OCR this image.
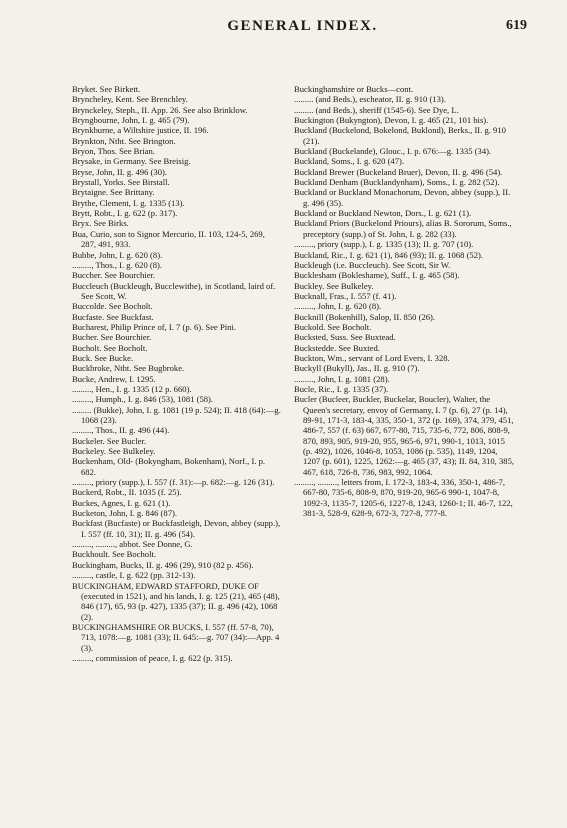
GENERAL INDEX.	619

Bryket. See Birkett.

Bryncheley, Kent. See Brenchley.

Brynckeley, Steph., II. App. 26. See also Brinklow.

Bryngbourne, John, I. g. 465 (79).

Brynkburne, a Wiltshire justice, II. 196.

Brynkton, Ntht. See Brington.

Bryon, Thos. See Brian.

Brysake, in Germany. See Breisig.

Bryse, John, II. g. 496 (30).

Brystall, Yorks. See Birstall.

Brytaigne. See Brittany.

Brythe, Clement, I. g. 1335 (13).

Brytt, Robt., I. g. 622 (p. 317).

Bryx. See Birks.

Bua, Curio, son to Signor Mercurio, II. 103, 124-5, 269, 287, 491, 933.

Bubbe, John, I. g. 620 (8).

........., Thos., I. g. 620 (8).

Buccher. See Bourchier.

Buccleuch (Buckleugh, Bucclewithe), in Scotland, laird of. See Scott, W.

Buccolde. See Bocholt.

Bucfaste. See Buckfast.

Bucharest, Philip Prince of, I. 7 (p. 6). See Pini.

Bucher. See Bourchier.

Bucholt. See Bocholt.

Buck. See Bucke.

Buckbroke, Ntht. See Bugbroke.

Bucke, Andrew, I. 1295.

........., Hen., I. g. 1335 (12 p. 660).

........., Humph., I. g. 846 (53), 1081 (58).

......... (Bukke), John, I. g. 1081 (19 p. 524); II. 418 (64):—g. 1068 (23).

........., Thos., II. g. 496 (44).

Buckeler. See Bucler.

Buckeley. See Bulkeley.

Buckenham, Old- (Bokyngham, Bokenham), Norf., I. p. 682.

........., priory (supp.), I. 557 (f. 31):—p. 682:—g. 126 (31).

Buckerd, Robt., II. 1035 (f. 25).

Buckes, Agnes, I. g. 621 (1).

Bucketon, John, I. g. 846 (87).

Buckfast (Bucfaste) or Buckfastleigh, Devon, abbey (supp.), I. 557 (ff. 10, 31); II. g. 496 (54).

........., ........., abbot. See Donne, G.

Buckhoult. See Bocholt.

Buckingham, Bucks, II. g. 496 (29), 910 (82 p. 456).

........., castle, I. g. 622 (pp. 312-13).

BUCKINGHAM, EDWARD STAFFORD, DUKE OF (executed in 1521), and his lands, I. g. 125 (21), 465 (48), 846 (17), 65, 93 (p. 427), 1335 (37); II. g. 496 (42), 1068 (2).

BUCKINGHAMSHIRE OR BUCKS, I. 557 (ff. 57-8, 70), 713, 1078:—g. 1081 (33); II. 645:—g. 707 (34):—App. 4 (3).

........., commission of peace, I. g. 622 (p. 315).

Buckinghamshire or Bucks—cont.

......... (and Beds.), escheator, II. g. 910 (13).

......... (and Beds.), sheriff (1545-6). See Dye, L.

Buckington (Bukyngton), Devon, I. g. 465 (21, 101 bis).

Buckland (Buckelond, Bokelond, Buklond), Berks., II. g. 910 (21).

Buckland (Buckelande), Glouc., I. p. 676:—g. 1335 (34).

Buckland, Soms., I. g. 620 (47).

Buckland Brewer (Buckeland Bruer), Devon, II. g. 496 (54).

Buckland Denham (Bucklandynham), Soms., I. g. 282 (52).

Buckland or Buckland Monachorum, Devon, abbey (supp.), II. g. 496 (35).

Buckland or Buckland Newton, Dors., I. g. 621 (1).

Buckland Priors (Buckelond Priours), alias B. Sororum, Soms., preceptory (supp.) of St. John, I. g. 282 (33).

........., priory (supp.), I. g. 1335 (13); II. g. 707 (10).

Buckland, Ric., I. g. 621 (1), 846 (93); II. g. 1068 (52).

Buckleugh (i.e. Buccleuch). See Scott, Sir W.

Bucklesham (Bokleshame), Suff., I. g. 465 (58).

Buckley. See Bulkeley.

Bucknall, Fras., I. 557 (f. 41).

........., John, I. g. 620 (8).

Bucknill (Bokenhill), Salop, II. 850 (26).

Buckold. See Bocholt.

Bucksted, Suss. See Buxtead.

Buckstedde. See Buxted.

Buckton, Wm., servant of Lord Evers, I. 328.

Buckyll (Bukyll), Jas., II. g. 910 (7).

........., John, I. g. 1081 (28).

Bucle, Ric., I. g. 1335 (37).

Bucler (Bucleer, Buckler, Buckelar, Boucler), Walter, the Queen's secretary, envoy of Germany, I. 7 (p. 6), 27 (p. 14), 89-91, 171-3, 183-4, 335, 350-1, 372 (p. 169), 374, 379, 451, 486-7, 557 (f. 63) 667, 677-80, 715, 735-6, 772, 806, 808-9, 870, 893, 905, 919-20, 955, 965-6, 971, 990-1, 1013, 1015 (p. 492), 1026, 1046-8, 1053, 1086 (p. 535), 1149, 1204, 1207 (p. 601), 1225, 1262:—g. 465 (37, 43); II. 84, 310, 385, 467, 618, 726-8, 736, 983, 992, 1064.

........., ........., letters from, I. 172-3, 183-4, 336, 350-1, 486-7, 667-80, 735-6, 808-9, 870, 919-20, 965-6 990-1, 1047-8, 1092-3, 1135-7, 1205-6, 1227-8, 1243, 1260-1; II. 46-7, 122, 381-3, 528-9, 628-9, 672-3, 727-8, 777-8.
